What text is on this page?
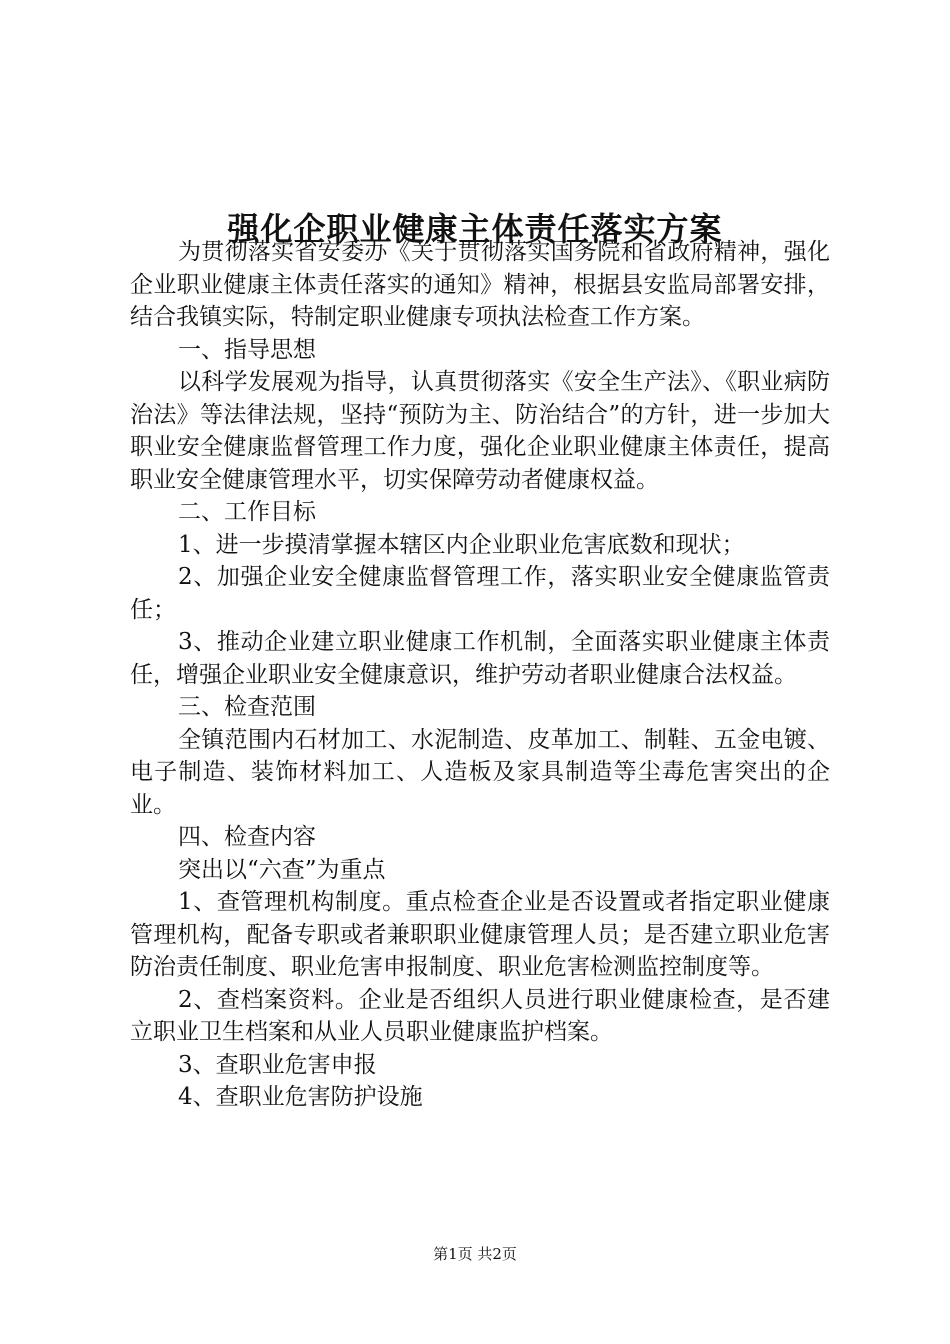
强化企职业健康主体责任落实方案

为贯彻落实省安委办《关于贯彻落实国务院和省政府精神，强化企业职业健康主体责任落实的通知》精神，根据县安监局部署安排，结合我镇实际，特制定职业健康专项执法检查工作方案。

一、指导思想

以科学发展观为指导，认真贯彻落实《安全生产法》、《职业病防治法》等法律法规，坚持“预防为主、防治结合”的方针，进一步加大职业安全健康监督管理工作力度，强化企业职业健康主体责任，提高职业安全健康管理水平，切实保障劳动者健康权益。

二、工作目标

1、进一步摸清掌握本辖区内企业职业危害底数和现状；

2、加强企业安全健康监督管理工作，落实职业安全健康监管责任；

3、推动企业建立职业健康工作机制，全面落实职业健康主体责任，增强企业职业安全健康意识，维护劳动者职业健康合法权益。

三、检查范围

全镇范围内石材加工、水泥制造、皮革加工、制鞋、五金电镀、电子制造、装饰材料加工、人造板及家具制造等尘毒危害突出的企业。

四、检查内容

突出以“六查”为重点

1、查管理机构制度。重点检查企业是否设置或者指定职业健康管理机构，配备专职或者兼职职业健康管理人员；是否建立职业危害防治责任制度、职业危害申报制度、职业危害检测监控制度等。

2、查档案资料。企业是否组织人员进行职业健康检查，是否建立职业卫生档案和从业人员职业健康监护档案。

3、查职业危害申报

4、查职业危害防护设施

第1页 共2页
